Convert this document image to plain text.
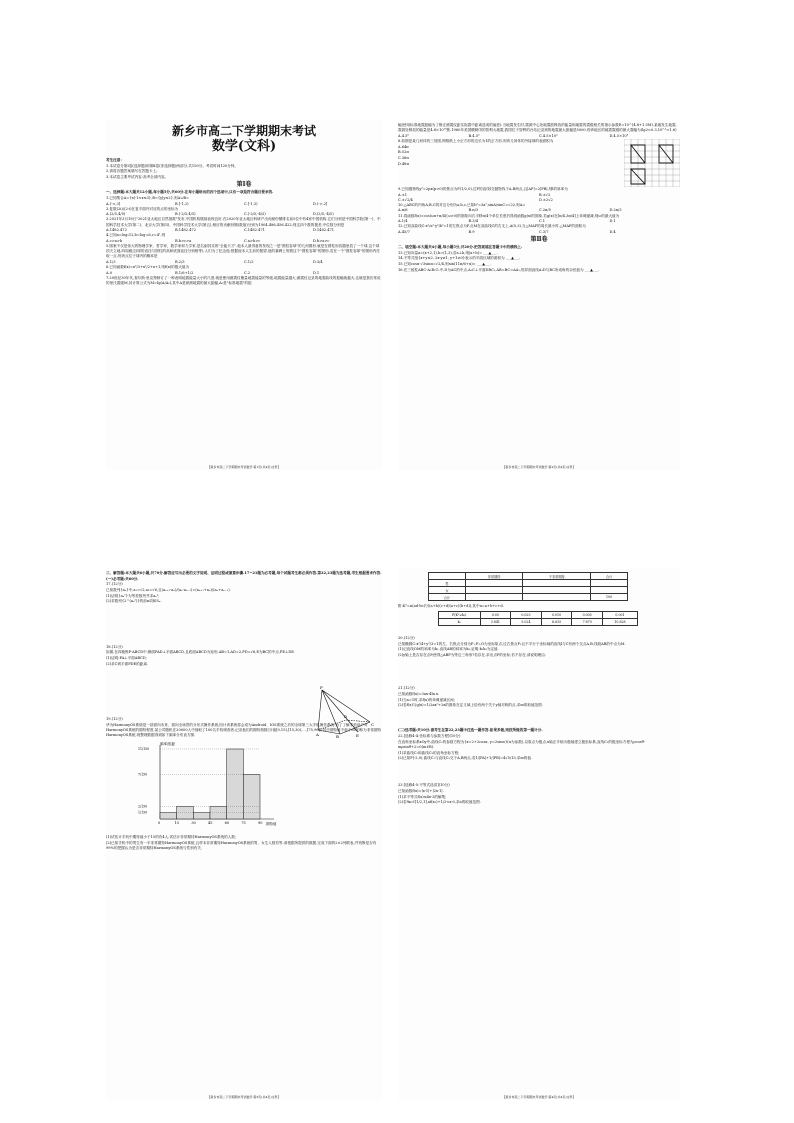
新乡市高二下学期期末考试
数学(文科)
考生注意：
1.本试卷分第Ⅰ卷(选择题)和第Ⅱ卷(非选择题)两部分,共150分。考试时间120分钟。
2.请将各题答案填写在答题卡上。
3.本试卷主要考试内容:高考全部内容。
第Ⅰ卷
一、选择题:本大题共12小题,每小题5分,共60分.在每小题给出的四个选项中,只有一项是符合题目要求的.
1.已知集合A={x|-1<x≤3},B={y|y≤2},则A∪B=
A.(-∞,3]	B.[-1,2)	C.[-1,3)	D.(-∞,2]
2.复数(2i)/(2-i)在复平面内对应的点的坐标为
A.(2/5,4/5)	B.(-2/5,4/5)	C.(-2/5,-4/5)	D.(2/5,-4/5)
3.2021年3月18日"2021亚太地区自然指数"发布,中国机构继续表现良好.在2020年亚太地区科研产出贡献份额排名前5位中有4家中国机构,它们分别是中国科学院(第一)、中国科学技术大学(第二)、北京大学(第四)、中国科学技术大学(第五),相应的贡献份额(数值)分别为1904.486,456.422,则这四个数的极差,中位数分别是
A.1482.472	B.1482.472	C.1482.471	D.1482.471
4.已知a=log₃12,b=log₁₃6,c=4¹,则
A.c>a>b	B.b>c>a	C.a>b>c	D.b>a>c
5.图案不仅是伟大的物理学家、哲学家、数学家和力学家,是名副其实的"全能天才".他本人最得意的发现之一是"圆柱容球"的几何图形,就是在圆柱形容器里放了一个球,这个球顶天立地,四周碰边(球的直径与圆柱的高和底面直径分别相等),人们为了纪念他,根据他本人生前的愿望,他的墓碑上刻着这个"圆柱容球"的图形,若在一个"圆柱容球"的图形内任取一点,则该点位于球内的概率是
A.1/3	B.2/3	C.1/2	D.3/4
6.已知函数f(x)=x³/3+x²/2+x+1,则f(x)的极大值为
A.0	B.1/6+1/2	C.2	D.1
7.20世纪30年代,查尔斯·里克特制订了一种表明地震能量大小的尺度,就是使用测震仪衡量地震能量的等级,地震能量越大,测震仪记录的地震曲线的振幅就越大.这就是我们常说的里氏震级M,其计算公式为M=lg(A/A₀),其中A是被测地震的最大振幅,A₀是"标准地震"的振
【新乡市高二下学期期末考试数学 第1页(共4页)文科】
幅(使用标准地震振幅为了修正测震仪距实际震中距离造成的偏差).当地震发生时,震源中心处地震波释放的能量和地震的震级相关的指示参数E=10^(4.8+1.5M).某地发生地震,震源处释放的能量是4.8×10¹⁴焦.1960年美国俄勒冈的智利大地震,我国位于智利的台站记录到的地震最大振幅是5000,则该地区的地震震级的最大震幅为(lg2≈0.3,10⁰·²≈1.6)
A.4.5⁶	B.4.5⁵	C.4.5×10⁵	D.4.5×10⁴
8.如图是某几何体的三视图,网格纸上小正方形的边长为1的正方形,则该几何体的外接球的表面积为
A.64π
B.52π
C.36π
D.48π
9.已知抛物线y²=2px(p>0)的焦点为F(1/2,0),过F的直线l交抛物线于A,B两点,且|AF|=2|FB|,则l的斜率为
A.±1	B.±√2
C.±√2/4	D.±2√2
10.△ABC的内角A,B,C的对边分别为a,b,c,已知b²=3a²,sinA/sinC=√22,则A=
A.π/6	B.π/3	C.2π/5	D.2π/3
11.将函数f(x)=cos(ωx+π/4)(ω>0)的图象向右平移π/4个单位长度后得到函数g(x)的图象,若g(x)在[π/4,3π/4]上单调递减,则ω的最大值为
A.1/4	B.3/4	C.1	D.1
12.已知双曲线C:x²/a²-y²/b²=1的左焦点为F,点M在双曲线C的右支上,A(0,3),当△MAF的周长最小时,△MAF的面积为
A.45/7	B.9	C.3/7	D.4
第Ⅱ卷
二、填空题:本大题共4小题,每小题5分,共20分.把答案填在答题卡中的横线上.
13.已知向量a=(x+2,1),b=(1,3),若a⊥b,则|a+b|= ___▲___.
14.不等式组{x+y≤2, 2x-y≥1, y+1≥0}表示的平面区域的面积为 ___▲___.
15.已知cosα-√3sinα=√2/4,则sin(11π/6+α)= ___▲___.
16.在三棱柱ABC-A₁B₁C₁中,D为AC的中点,A₁C⊥平面DBC₁,AB=BC=AA₁,则异面直线A₁D与BC所成角的余弦值为 ___▲___.
【新乡市高二下学期期末考试数学 第2页(共4页)文科】
三、解答题:本大题共6小题,共70分.解答应写出必要的文字说明、证明过程或演算步骤.17~21题为必考题,每个试题考生都必须作答.第22,23题为选考题,考生根据要求作答.
(一)必考题:共60分.
17.(12分)
已知数列{aₙ}中,a₁=√2,a₂=√6,且(aₙ₊₁-aₙ)/(aₙ-aₙ₋₁)=(aₙ₊₁+aₙ)/(aₙ+aₙ₋₁).
(1)证明{aₙ²}为等差数列并求aₙ²;
(2)求数列{2^(aₙ²)}的前n项和Sₙ.
18.(12分)
如图,在四棱锥P-ABCD中,侧面PAD⊥平面ABCD,且底面ABCD为矩形,AB=1,AD=2,PD=√6,E为BC的中点,PE⊥DE.
(1)证明:PA⊥平面ABCD;
(2)求C到平面PDE的距离.
P
A	B	E
C
D
19.(12分)
华为HarmonyOS系统是一款面向未来、面向全场景的分布式操作系统,因计该系统将会成为Android、IOS系统之后的全球第三大手机操作系统.为了了解手机用户对HarmonyOS系统的期待程度,某公司随机在20000人中抽取了100名手机调查者,记录他们的期待指数(分值[0,15),[15,30),…,[75,90]),其中期待值不低于60的称为非常期待HarmonyOS系统,现整理数据得到如下频率分布直方图.
频率/组距
期待值
0	15	30	45	60	75	90
1/150
2/150
7/150
11/150
(1)试估计手机中期待值小于15的有4人,试估计非常期待HarmonyOS系统的人数;
(2)已知手机中的男生有一半非常期待HarmonyOS系统,且样本非常期待HarmonyOS系统的男、女生人数有等.请根据所提供的数据,完成下面的2×2列联表,并判断是否有99%的把握认为是否非常期待HarmonyOS系统与性别有关.
【新乡市高二下学期期末考试数学 第3页(共4页)文科】
	非常期待	不非常期待	合计
男			
女			
合计			100
附:K²=n(ad-bc)²/((a+b)(c+d)(a+c)(b+d)),其中n=a+b+c+d.
P(K²≥k₀)	0.05	0.025	0.010	0.005	0.001
k₀	3.841	5.024	6.635	7.879	10.828
20.(12分)
已知椭圆C:x²/4+y²/3=1的左、右焦点分别为F₁,F₂,O为坐标原点,过右焦点F₂且不平行于坐标轴的直线l与C有两个交点A,B,线段AB的中点为M.
(1)记直线OM的斜率为k₁,直线AB的斜率为k₂,证明:k₁k₂为定值.
(2)y轴上是否存在点P,使得△ABP为等边三角形?若存在,求出点P的坐标;若不存在,请说明理由.
21.(12分)
已知函数f(x)=3ax-4ln x.
(1)当a=1时,求f(x)的单调递减区间;
(2)若f(x)与g(x)=1/2ax²+2x的图象在定义域上恰有两个关于y轴对称的点,求m的取值范围.
(二)选考题:共10分.请考生在第22,23题中任选一题作答.如果多做,则按所做的第一题计分.
22.[选修4-4:坐标系与参数方程](10分)
在直角坐标系xOy中,曲线C₁的参数方程为{x=2+2cosα, y=2sinα}(α为参数),以原点为极点,x轴正半轴为极轴建立极坐标系,直线C₂的极坐标方程为ρcosθ-mρsinθ+2=0(m∈R).
(1)求曲线C₁和曲线C₂的直角坐标方程;
(2)已知P(-2,0),曲线C₁与直线C₂交于A,B两点,若1/|PA|+1/|PB|=4√5/15,求m的值.
23.[选修4-5:不等式选讲](10分)
已知函数f(x)=|x-1|+|2x-1|.
(1)求不等式f(x)≤4x-2的解集;
(2)若∃x₀∈[1/2,1],xf(x₀)+1/2<x-0,求a的取值范围.
【新乡市高二下学期期末考试数学 第4页(共4页)文科】
